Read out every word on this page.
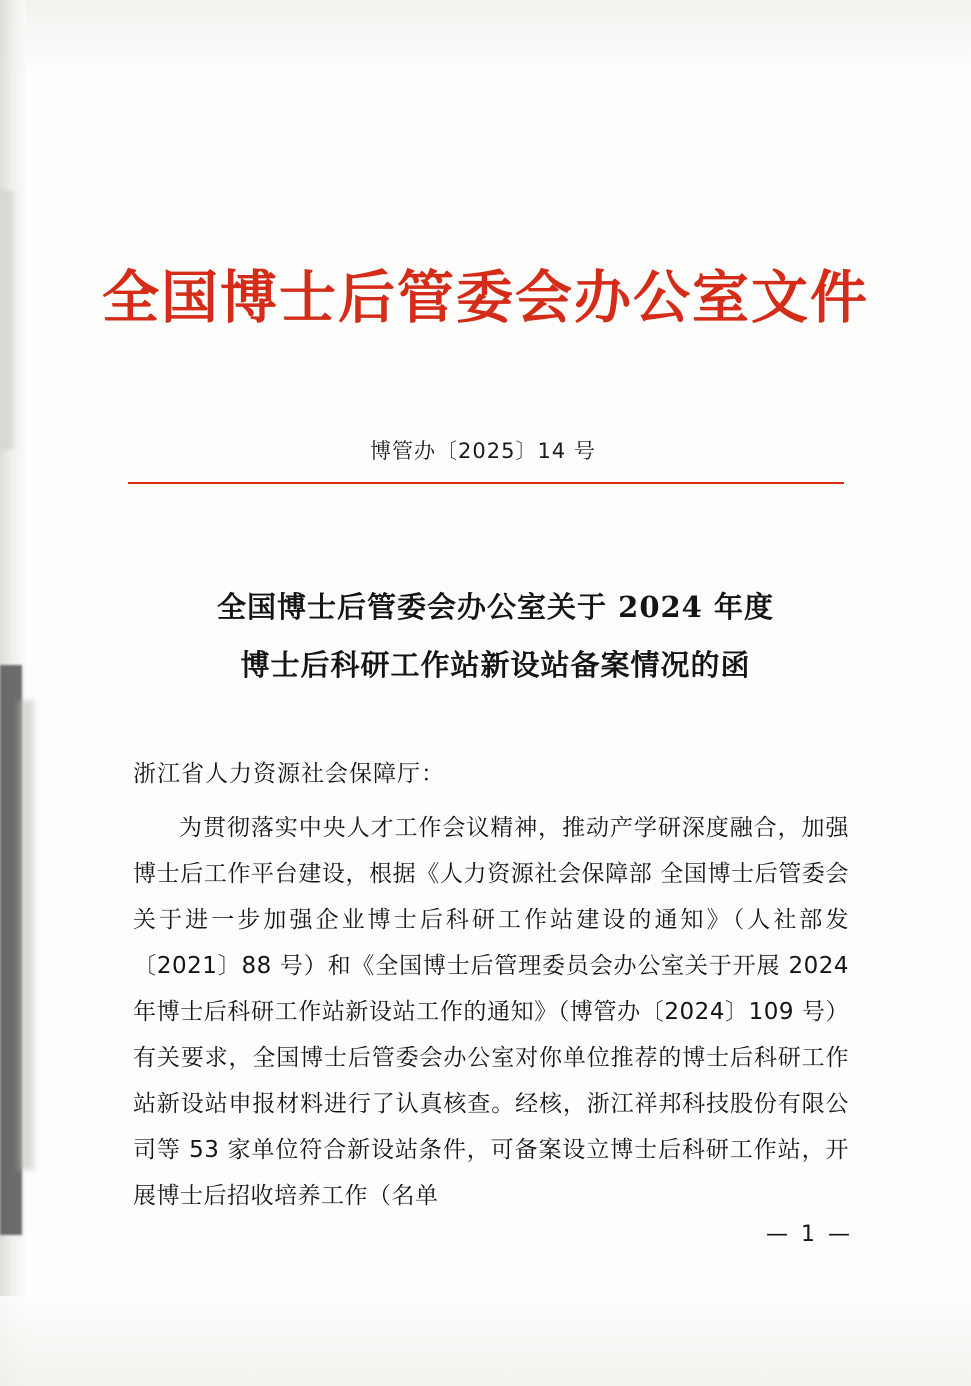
全国博士后管委会办公室文件
博管办〔2025〕14 号
全国博士后管委会办公室关于 2024 年度
博士后科研工作站新设站备案情况的函
浙江省人力资源社会保障厅：

为贯彻落实中央人才工作会议精神，推动产学研深度融合，加强博士后工作平台建设，根据《人力资源社会保障部 全国博士后管委会关于进一步加强企业博士后科研工作站建设的通知》（人社部发〔2021〕88 号）和《全国博士后管理委员会办公室关于开展 2024 年博士后科研工作站新设站工作的通知》（博管办〔2024〕109 号）有关要求，全国博士后管委会办公室对你单位推荐的博士后科研工作站新设站申报材料进行了认真核查。经核，浙江祥邦科技股份有限公司等 53 家单位符合新设站条件，可备案设立博士后科研工作站，开展博士后招收培养工作（名单

— 1 —
